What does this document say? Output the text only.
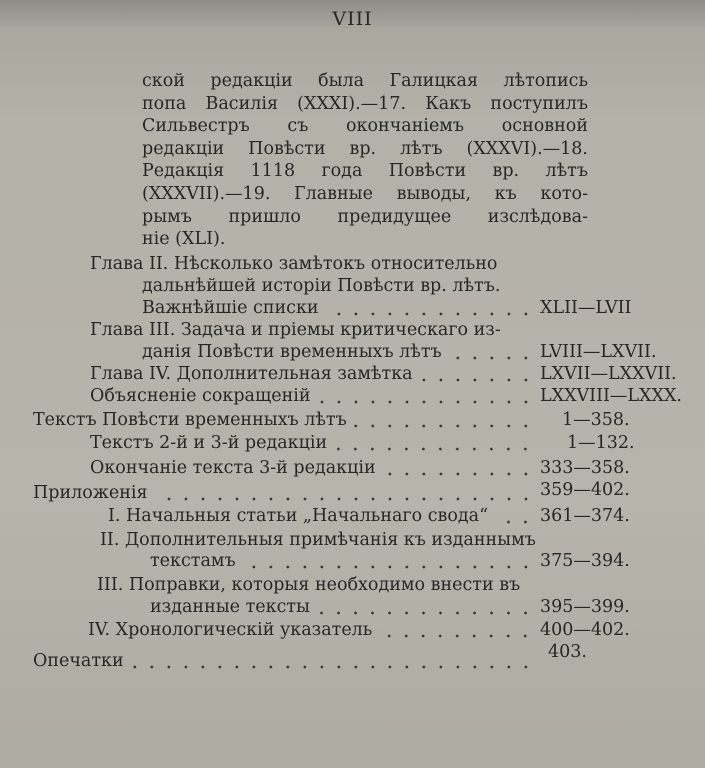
VIII
ской редакціи была Галицкая лѣтопись
попа Василія (XXXI).—17. Какъ поступилъ
Сильвестръ съ окончаніемъ основной
редакціи Повѣсти вр. лѣтъ (XXXVI).—18.
Редакція 1118 года Повѣсти вр. лѣтъ
(XXXVII).—19. Главные выводы, къ кото-
рымъ пришло предидущее изслѣдова-
ніе (XLI).
Глава II. Нѣсколько замѣтокъ относительно
дальнѣйшей исторіи Повѣсти вр. лѣтъ.
Важнѣйшіе списки	XLII—LVII
Глава III. Задача и пріемы критическаго из-
данія Повѣсти временныхъ лѣтъ	LVIII—LXVII.
Глава IV. Дополнительная замѣтка	LXVII—LXXVII.
Объясненіе сокращеній	LXXVIII—LXXX.
Текстъ Повѣсти временныхъ лѣтъ	1—358.
Текстъ 2-й и 3-й редакціи	1—132.
Окончаніе текста 3-й редакціи	333—358.
Приложенія	359—402.
I. Начальныя статьи „Начальнаго свода“	361—374.
II. Дополнительныя примѣчанія къ изданнымъ
текстамъ	375—394.
III. Поправки, которыя необходимо внести въ
изданные тексты	395—399.
IV. Хронологическій указатель	400—402.
Опечатки	403.
